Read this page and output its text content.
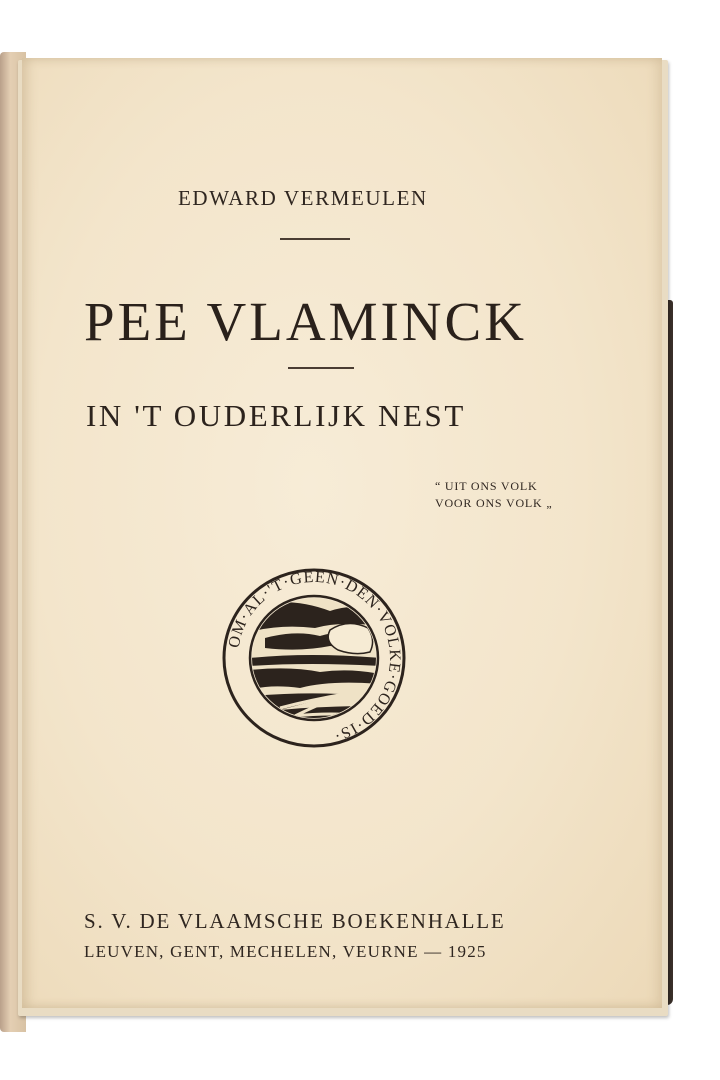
EDWARD VERMEULEN
PEE VLAMINCK
IN 'T OUDERLIJK NEST
“ UIT ONS VOLK
VOOR ONS VOLK „
OM·AL·'T·GEEN·DEN·VOLKE·GOED·IS·
S. V. DE VLAAMSCHE BOEKENHALLE
LEUVEN, GENT, MECHELEN, VEURNE — 1925
